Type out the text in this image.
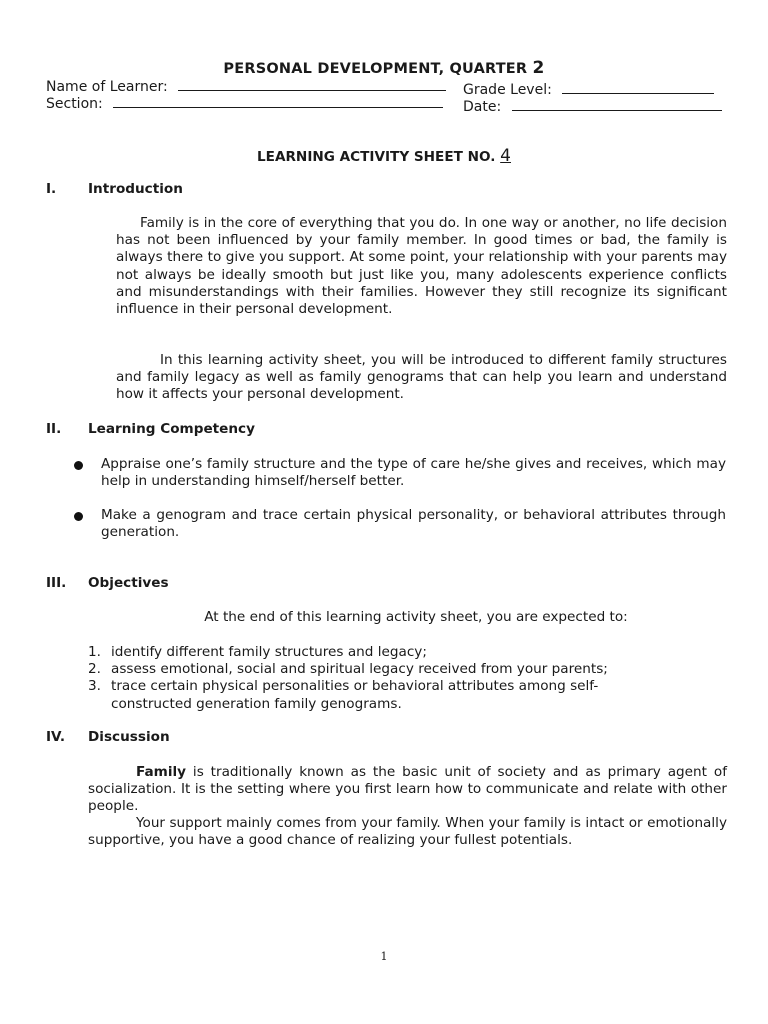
PERSONAL DEVELOPMENT, QUARTER 2
Name of Learner:	Grade Level:
Section:	Date:
LEARNING ACTIVITY SHEET NO. 4
I. Introduction
Family is in the core of everything that you do. In one way or another, no life decision has not been influenced by your family member. In good times or bad, the family is always there to give you support. At some point, your relationship with your parents may not always be ideally smooth but just like you, many adolescents experience conflicts and misunderstandings with their families. However they still recognize its significant influence in their personal development.
In this learning activity sheet, you will be introduced to different family structures and family legacy as well as family genograms that can help you learn and understand how it affects your personal development.
II. Learning Competency
Appraise one’s family structure and the type of care he/she gives and receives, which may help in understanding himself/herself better.
Make a genogram and trace certain physical personality, or behavioral attributes through generation.
III. Objectives
At the end of this learning activity sheet, you are expected to:
1. identify different family structures and legacy;
2. assess emotional, social and spiritual legacy received from your parents;
3. trace certain physical personalities or behavioral attributes among self-constructed generation family genograms.
IV. Discussion
Family is traditionally known as the basic unit of society and as primary agent of socialization. It is the setting where you first learn how to communicate and relate with other people.
Your support mainly comes from your family. When your family is intact or emotionally supportive, you have a good chance of realizing your fullest potentials.
1
